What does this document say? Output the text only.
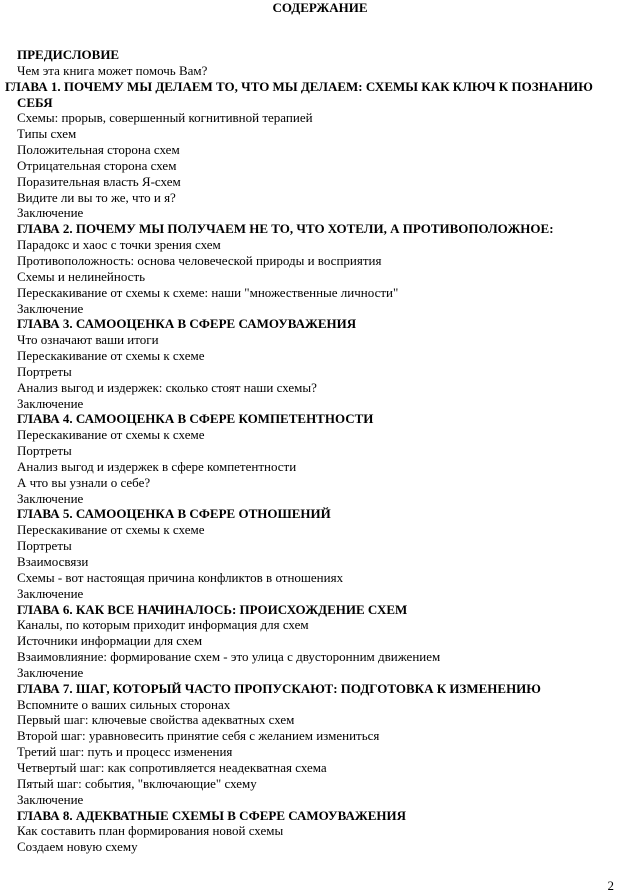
СОДЕРЖАНИЕ
ПРЕДИСЛОВИЕ
Чем эта книга может помочь Вам?
ГЛАВА 1. ПОЧЕМУ МЫ ДЕЛАЕМ ТО, ЧТО МЫ ДЕЛАЕМ: СХЕМЫ КАК КЛЮЧ К ПОЗНАНИЮ СЕБЯ
Схемы: прорыв, совершенный когнитивной терапией
Типы схем
Положительная сторона схем
Отрицательная сторона схем
Поразительная власть Я-схем
Видите ли вы то же, что и я?
Заключение
ГЛАВА 2. ПОЧЕМУ МЫ ПОЛУЧАЕМ НЕ ТО, ЧТО ХОТЕЛИ, А ПРОТИВОПОЛОЖНОЕ:
Парадокс и хаос с точки зрения схем
Противоположность: основа человеческой природы и восприятия
Схемы и нелинейность
Перескакивание от схемы к схеме: наши "множественные личности"
Заключение
ГЛАВА 3. САМООЦЕНКА В СФЕРЕ САМОУВАЖЕНИЯ
Что означают ваши итоги
Перескакивание от схемы к схеме
Портреты
Анализ выгод и издержек: сколько стоят наши схемы?
Заключение
ГЛАВА 4. САМООЦЕНКА В СФЕРЕ КОМПЕТЕНТНОСТИ
Перескакивание от схемы к схеме
Портреты
Анализ выгод и издержек в сфере компетентности
А что вы узнали о себе?
Заключение
ГЛАВА 5. САМООЦЕНКА В СФЕРЕ ОТНОШЕНИЙ
Перескакивание от схемы к схеме
Портреты
Взаимосвязи
Схемы - вот настоящая причина конфликтов в отношениях
Заключение
ГЛАВА 6. КАК ВСЕ НАЧИНАЛОСЬ: ПРОИСХОЖДЕНИЕ СХЕМ
Каналы, по которым приходит информация для схем
Источники информации для схем
Взаимовлияние: формирование схем - это улица с двусторонним движением
Заключение
ГЛАВА 7. ШАГ, КОТОРЫЙ ЧАСТО ПРОПУСКАЮТ: ПОДГОТОВКА К ИЗМЕНЕНИЮ
Вспомните о ваших сильных сторонах
Первый шаг: ключевые свойства адекватных схем
Второй шаг: уравновесить принятие себя с желанием измениться
Третий шаг: путь и процесс изменения
Четвертый шаг: как сопротивляется неадекватная схема
Пятый шаг: события, "включающие" схему
Заключение
ГЛАВА 8. АДЕКВАТНЫЕ СХЕМЫ В СФЕРЕ САМОУВАЖЕНИЯ
Как составить план формирования новой схемы
Создаем новую схему
2
